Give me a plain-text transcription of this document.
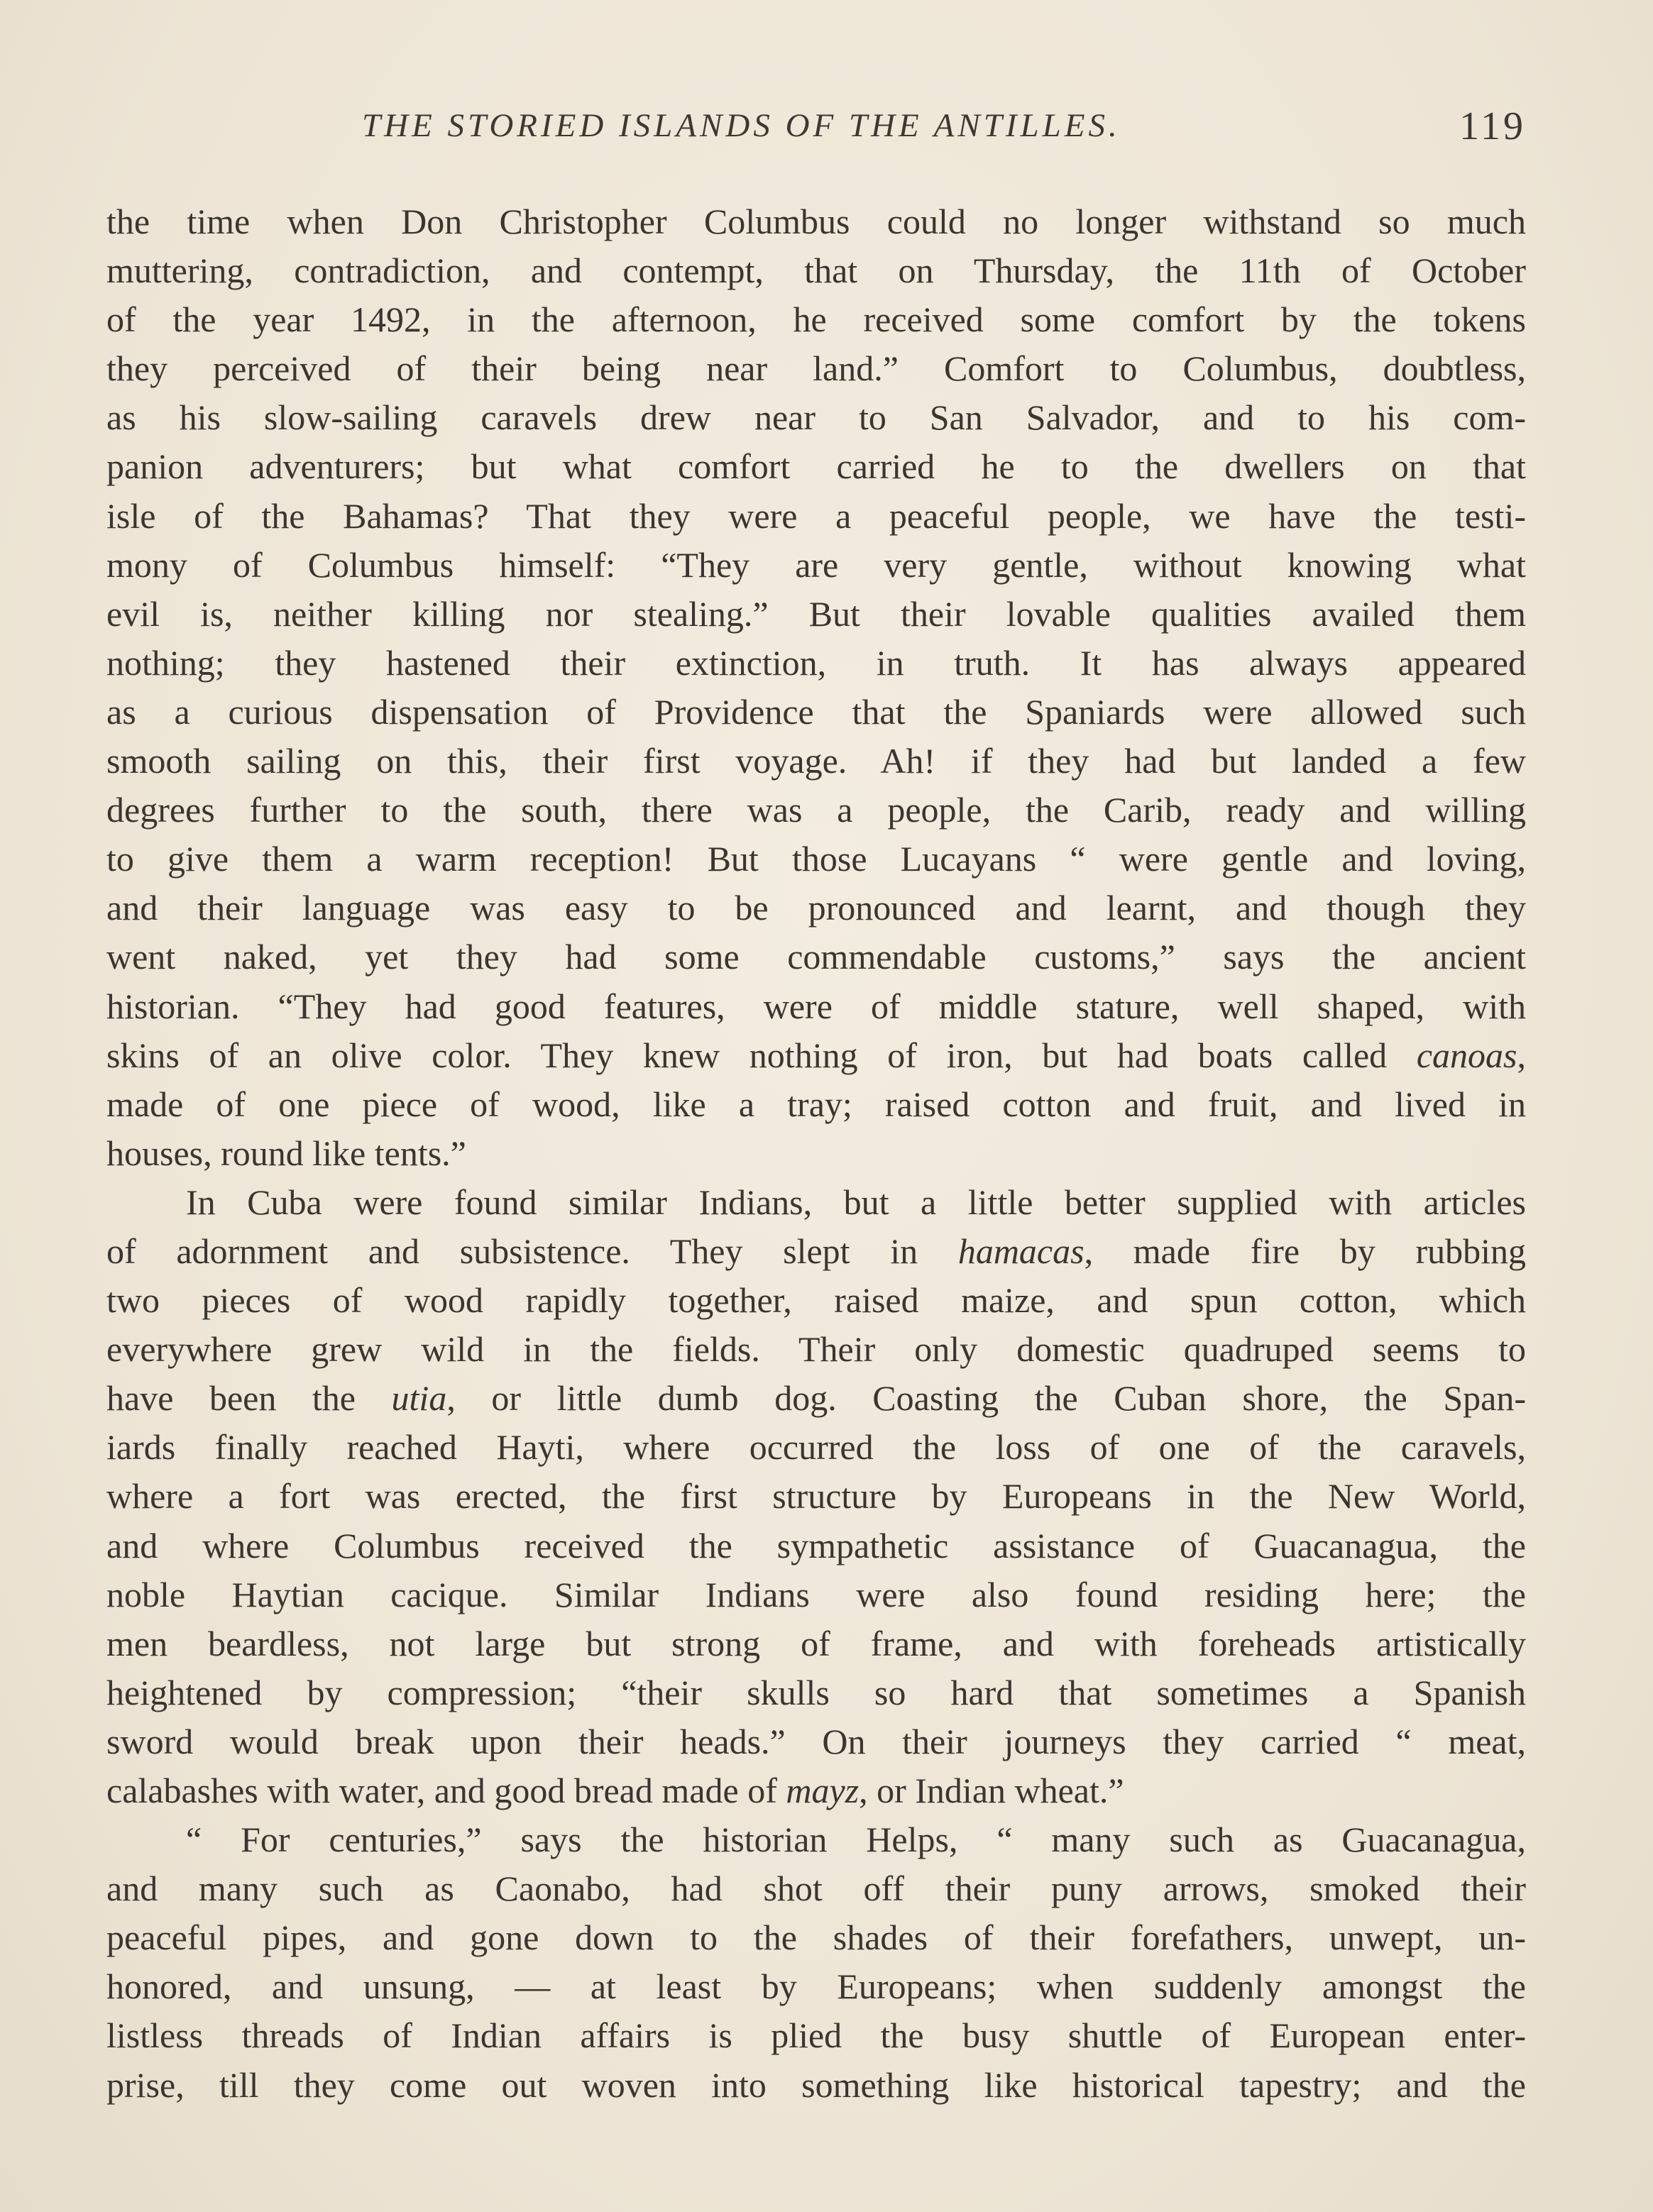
THE STORIED ISLANDS OF THE ANTILLES.	119
the time when Don Christopher Columbus could no longer withstand so much
muttering, contradiction, and contempt, that on Thursday, the 11th of October
of the year 1492, in the afternoon, he received some comfort by the tokens
they perceived of their being near land.” Comfort to Columbus, doubtless,
as his slow-sailing caravels drew near to San Salvador, and to his com-
panion adventurers; but what comfort carried he to the dwellers on that
isle of the Bahamas? That they were a peaceful people, we have the testi-
mony of Columbus himself: “They are very gentle, without knowing what
evil is, neither killing nor stealing.” But their lovable qualities availed them
nothing; they hastened their extinction, in truth. It has always appeared
as a curious dispensation of Providence that the Spaniards were allowed such
smooth sailing on this, their first voyage. Ah! if they had but landed a few
degrees further to the south, there was a people, the Carib, ready and willing
to give them a warm reception! But those Lucayans “ were gentle and loving,
and their language was easy to be pronounced and learnt, and though they
went naked, yet they had some commendable customs,” says the ancient
historian. “They had good features, were of middle stature, well shaped, with
skins of an olive color. They knew nothing of iron, but had boats called canoas,
made of one piece of wood, like a tray; raised cotton and fruit, and lived in
houses, round like tents.”
In Cuba were found similar Indians, but a little better supplied with articles
of adornment and subsistence. They slept in hamacas, made fire by rubbing
two pieces of wood rapidly together, raised maize, and spun cotton, which
everywhere grew wild in the fields. Their only domestic quadruped seems to
have been the utia, or little dumb dog. Coasting the Cuban shore, the Span-
iards finally reached Hayti, where occurred the loss of one of the caravels,
where a fort was erected, the first structure by Europeans in the New World,
and where Columbus received the sympathetic assistance of Guacanagua, the
noble Haytian cacique. Similar Indians were also found residing here; the
men beardless, not large but strong of frame, and with foreheads artistically
heightened by compression; “their skulls so hard that sometimes a Spanish
sword would break upon their heads.” On their journeys they carried “ meat,
calabashes with water, and good bread made of mayz, or Indian wheat.”
“ For centuries,” says the historian Helps, “ many such as Guacanagua,
and many such as Caonabo, had shot off their puny arrows, smoked their
peaceful pipes, and gone down to the shades of their forefathers, unwept, un-
honored, and unsung, — at least by Europeans; when suddenly amongst the
listless threads of Indian affairs is plied the busy shuttle of European enter-
prise, till they come out woven into something like historical tapestry; and the
